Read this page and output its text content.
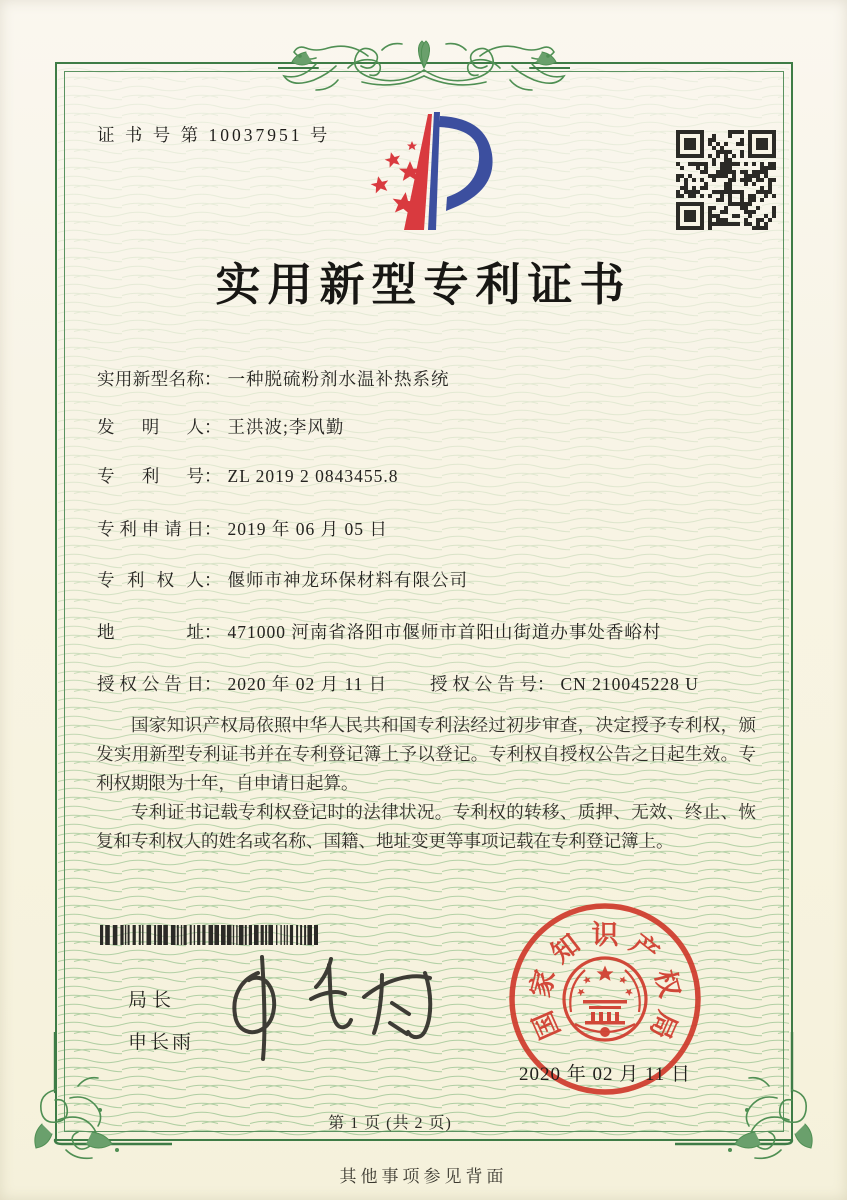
证 书 号 第 10037951 号
实用新型专利证书
实用新型名称： 一种脱硫粉剂水温补热系统
发明人： 王洪波;李风勤
专利号： ZL 2019 2 0843455.8
专利申请日： 2019 年 06 月 05 日
专利权人： 偃师市神龙环保材料有限公司
地址： 471000 河南省洛阳市偃师市首阳山街道办事处香峪村
授权公告日： 2020 年 02 月 11 日 授权公告号： CN 210045228 U

国家知识产权局依照中华人民共和国专利法经过初步审查，决定授予专利权，颁发实用新型专利证书并在专利登记簿上予以登记。专利权自授权公告之日起生效。专利权期限为十年，自申请日起算。

专利证书记载专利权登记时的法律状况。专利权的转移、质押、无效、终止、恢复和专利权人的姓名或名称、国籍、地址变更等事项记载在专利登记簿上。

局长
申长雨	国
家
知 识 产
权
局
2020 年 02 月 11 日
第 1 页 (共 2 页)
其他事项参见背面
